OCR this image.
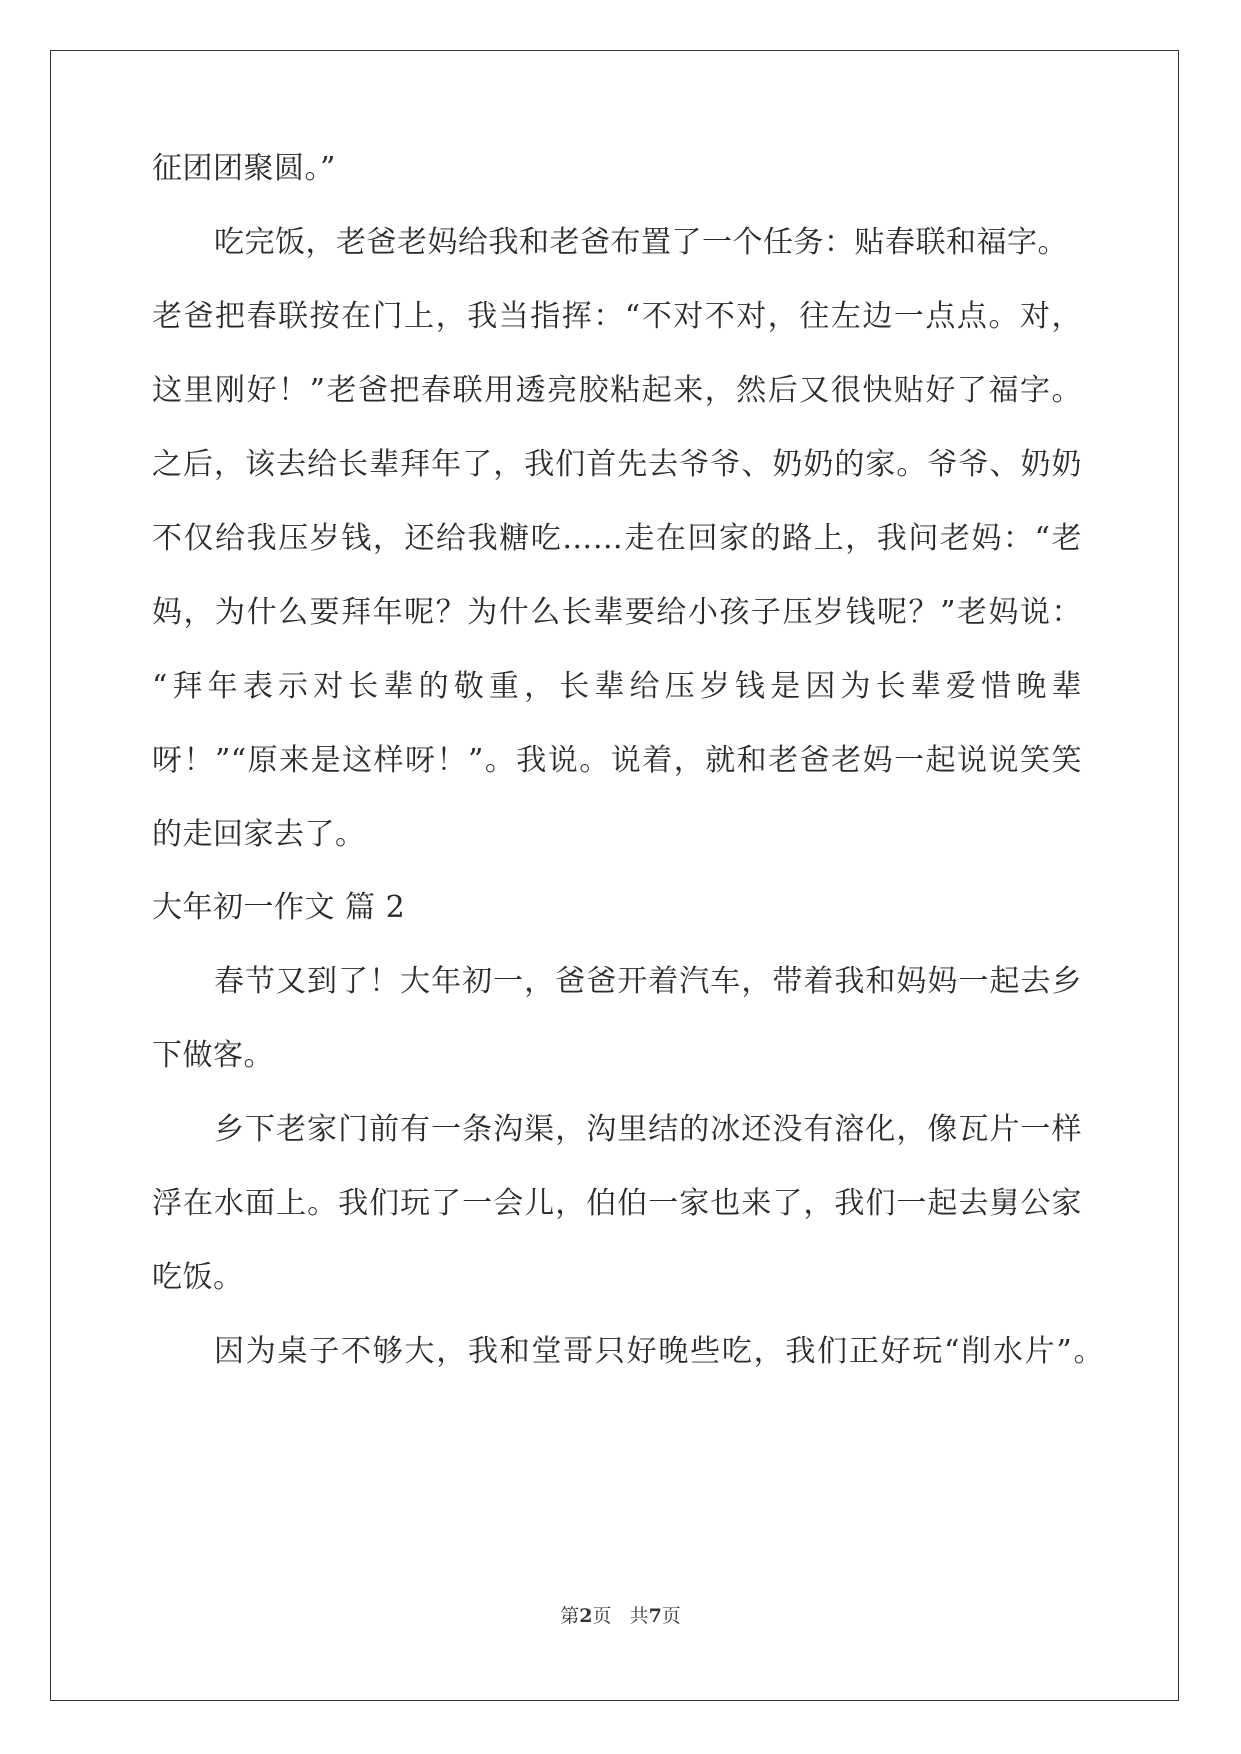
征团团聚圆。”
吃完饭，老爸老妈给我和老爸布置了一个任务：贴春联和福字。
老爸把春联按在门上，我当指挥：“不对不对，往左边一点点。对，
这里刚好！”老爸把春联用透亮胶粘起来，然后又很快贴好了福字。
之后，该去给长辈拜年了，我们首先去爷爷、奶奶的家。爷爷、奶奶
不仅给我压岁钱，还给我糖吃……走在回家的路上，我问老妈：“老
妈，为什么要拜年呢？为什么长辈要给小孩子压岁钱呢？”老妈说：
“拜年表示对长辈的敬重，长辈给压岁钱是因为长辈爱惜晚辈
呀！”“原来是这样呀！”。我说。说着，就和老爸老妈一起说说笑笑
的走回家去了。
大年初一作文 篇 2
春节又到了！大年初一，爸爸开着汽车，带着我和妈妈一起去乡
下做客。
乡下老家门前有一条沟渠，沟里结的冰还没有溶化，像瓦片一样
浮在水面上。我们玩了一会儿，伯伯一家也来了，我们一起去舅公家
吃饭。
因为桌子不够大，我和堂哥只好晚些吃，我们正好玩“削水片”。
第2页   共7页
